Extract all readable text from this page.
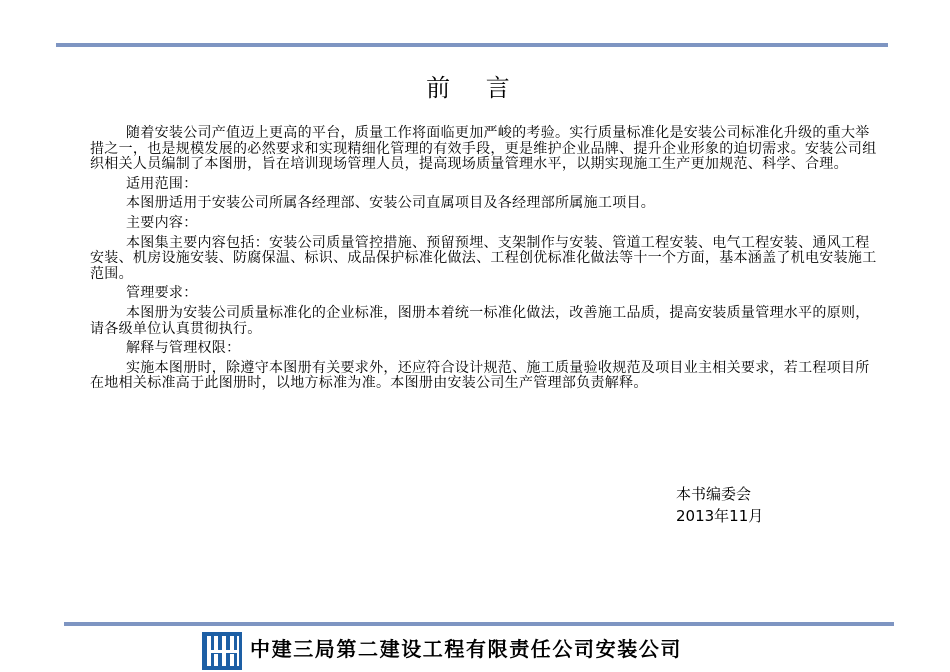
前 言

随着安装公司产值迈上更高的平台，质量工作将面临更加严峻的考验。实行质量标准化是安装公司标准化升级的重大举措之一，也是规模发展的必然要求和实现精细化管理的有效手段，更是维护企业品牌、提升企业形象的迫切需求。安装公司组织相关人员编制了本图册，旨在培训现场管理人员，提高现场质量管理水平，以期实现施工生产更加规范、科学、合理。

适用范围：

本图册适用于安装公司所属各经理部、安装公司直属项目及各经理部所属施工项目。

主要内容：

本图集主要内容包括：安装公司质量管控措施、预留预埋、支架制作与安装、管道工程安装、电气工程安装、通风工程安装、机房设施安装、防腐保温、标识、成品保护标准化做法、工程创优标准化做法等十一个方面，基本涵盖了机电安装施工范围。

管理要求：

本图册为安装公司质量标准化的企业标准，图册本着统一标准化做法，改善施工品质，提高安装质量管理水平的原则，请各级单位认真贯彻执行。

解释与管理权限：

实施本图册时，除遵守本图册有关要求外，还应符合设计规范、施工质量验收规范及项目业主相关要求，若工程项目所在地相关标准高于此图册时，以地方标准为准。本图册由安装公司生产管理部负责解释。

本书编委会
2013年11月
中建三局第二建设工程有限责任公司安装公司
